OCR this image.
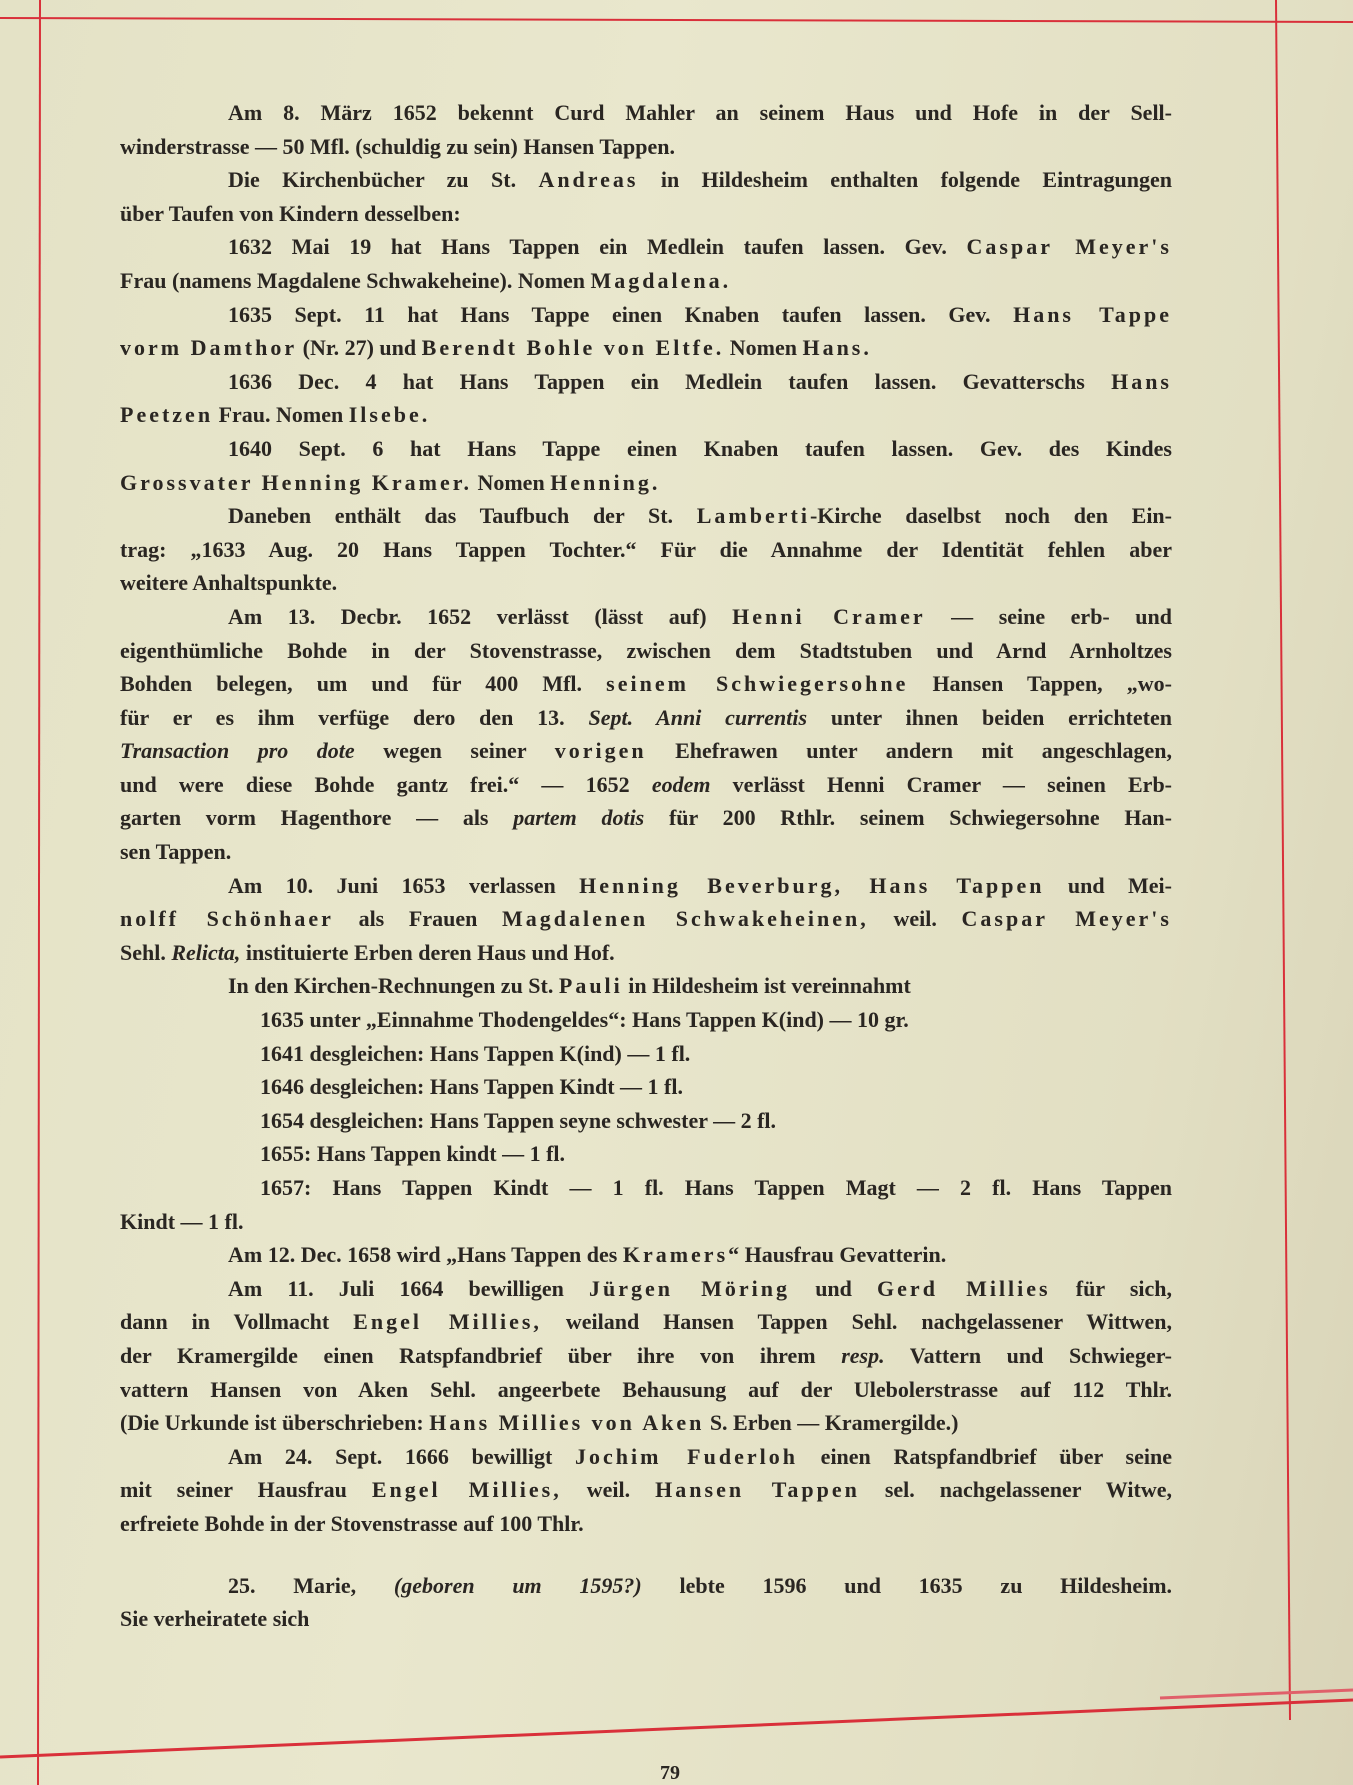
Am 8. März 1652 bekennt Curd Mahler an seinem Haus und Hofe in der Sell-
winderstrasse — 50 Mfl. (schuldig zu sein) Hansen Tappen.
Die Kirchenbücher zu St. Andreas in Hildesheim enthalten folgende Eintragungen
über Taufen von Kindern desselben:
1632 Mai 19 hat Hans Tappen ein Medlein taufen lassen. Gev. Caspar Meyer's
Frau (namens Magdalene Schwakeheine). Nomen Magdalena.
1635 Sept. 11 hat Hans Tappe einen Knaben taufen lassen. Gev. Hans Tappe
vorm Damthor (Nr. 27) und Berendt Bohle von Eltfe. Nomen Hans.
1636 Dec. 4 hat Hans Tappen ein Medlein taufen lassen. Gevatterschs Hans
Peetzen Frau. Nomen Ilsebe.
1640 Sept. 6 hat Hans Tappe einen Knaben taufen lassen. Gev. des Kindes
Grossvater Henning Kramer. Nomen Henning.
Daneben enthält das Taufbuch der St. Lamberti-Kirche daselbst noch den Ein-
trag: „1633 Aug. 20 Hans Tappen Tochter.“ Für die Annahme der Identität fehlen aber
weitere Anhaltspunkte.
Am 13. Decbr. 1652 verlässt (lässt auf) Henni Cramer — seine erb- und
eigenthümliche Bohde in der Stovenstrasse, zwischen dem Stadtstuben und Arnd Arnholtzes
Bohden belegen, um und für 400 Mfl. seinem Schwiegersohne Hansen Tappen, „wo-
für er es ihm verfüge dero den 13. Sept. Anni currentis unter ihnen beiden errichteten
Transaction pro dote wegen seiner vorigen Ehefrawen unter andern mit angeschlagen,
und were diese Bohde gantz frei.“ — 1652 eodem verlässt Henni Cramer — seinen Erb-
garten vorm Hagenthore — als partem dotis für 200 Rthlr. seinem Schwiegersohne Han-
sen Tappen.
Am 10. Juni 1653 verlassen Henning Beverburg, Hans Tappen und Mei-
nolff Schönhaer als Frauen Magdalenen Schwakeheinen, weil. Caspar Meyer's
Sehl. Relicta, instituierte Erben deren Haus und Hof.
In den Kirchen-Rechnungen zu St. Pauli in Hildesheim ist vereinnahmt
1635 unter „Einnahme Thodengeldes“: Hans Tappen K(ind) — 10 gr.
1641 desgleichen: Hans Tappen K(ind) — 1 fl.
1646 desgleichen: Hans Tappen Kindt — 1 fl.
1654 desgleichen: Hans Tappen seyne schwester — 2 fl.
1655: Hans Tappen kindt — 1 fl.
1657: Hans Tappen Kindt — 1 fl. Hans Tappen Magt — 2 fl. Hans Tappen
Kindt — 1 fl.
Am 12. Dec. 1658 wird „Hans Tappen des Kramers“ Hausfrau Gevatterin.
Am 11. Juli 1664 bewilligen Jürgen Möring und Gerd Millies für sich,
dann in Vollmacht Engel Millies, weiland Hansen Tappen Sehl. nachgelassener Wittwen,
der Kramergilde einen Ratspfandbrief über ihre von ihrem resp. Vattern und Schwieger-
vattern Hansen von Aken Sehl. angeerbete Behausung auf der Ulebolerstrasse auf 112 Thlr.
(Die Urkunde ist überschrieben: Hans Millies von Aken S. Erben — Kramergilde.)
Am 24. Sept. 1666 bewilligt Jochim Fuderloh einen Ratspfandbrief über seine
mit seiner Hausfrau Engel Millies, weil. Hansen Tappen sel. nachgelassener Witwe,
erfreiete Bohde in der Stovenstrasse auf 100 Thlr.
25. Marie, (geboren um 1595?) lebte 1596 und 1635 zu Hildesheim.
Sie verheiratete sich
79
